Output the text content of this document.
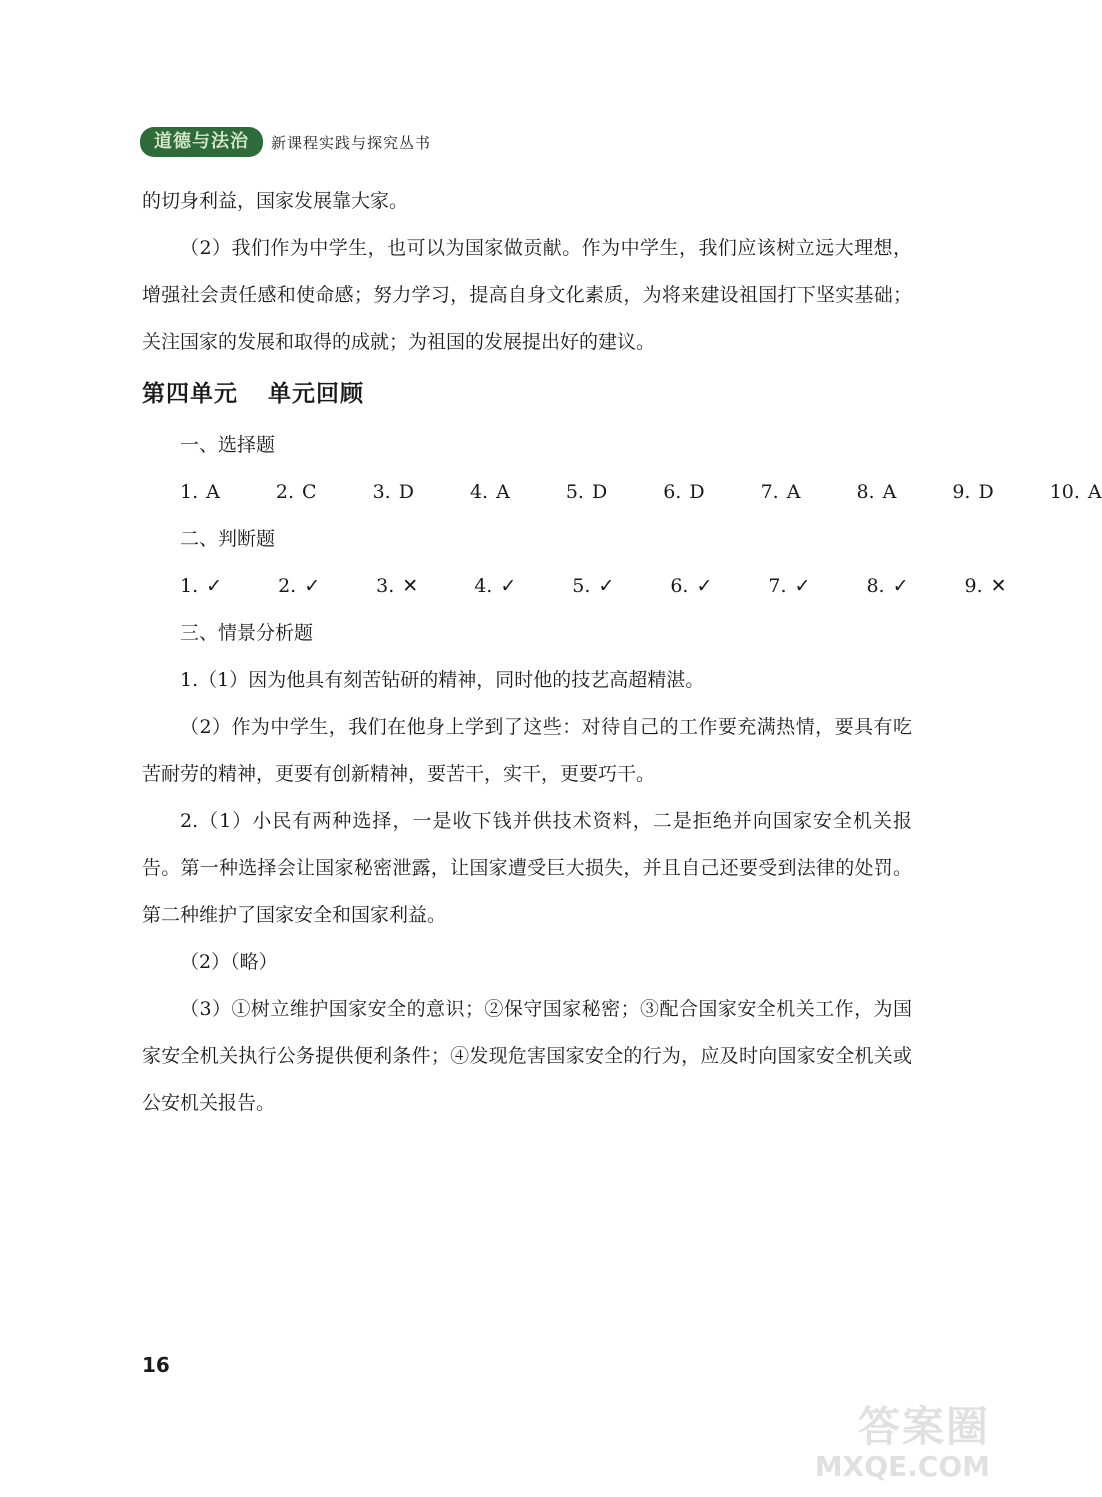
道德与法治	新课程实践与探究丛书

的切身利益，国家发展靠大家。

（2）我们作为中学生，也可以为国家做贡献。作为中学生，我们应该树立远大理想，增强社会责任感和使命感；努力学习，提高自身文化素质，为将来建设祖国打下坚实基础；关注国家的发展和取得的成就；为祖国的发展提出好的建议。

第四单元 单元回顾

一、选择题

1. A	2. C	3. D	4. A	5. D	6. D	7. A	8. A	9. D	10. A

二、判断题

1. ✓	2. ✓	3. ✕	4. ✓	5. ✓	6. ✓	7. ✓	8. ✓	9. ✕

三、情景分析题

1.（1）因为他具有刻苦钻研的精神，同时他的技艺高超精湛。

（2）作为中学生，我们在他身上学到了这些：对待自己的工作要充满热情，要具有吃苦耐劳的精神，更要有创新精神，要苦干，实干，更要巧干。

2.（1）小民有两种选择，一是收下钱并供技术资料，二是拒绝并向国家安全机关报告。第一种选择会让国家秘密泄露，让国家遭受巨大损失，并且自己还要受到法律的处罚。第二种维护了国家安全和国家利益。

（2）（略）

（3）①树立维护国家安全的意识；②保守国家秘密；③配合国家安全机关工作，为国家安全机关执行公务提供便利条件；④发现危害国家安全的行为，应及时向国家安全机关或公安机关报告。

16
答案圈
MXQE.COM
